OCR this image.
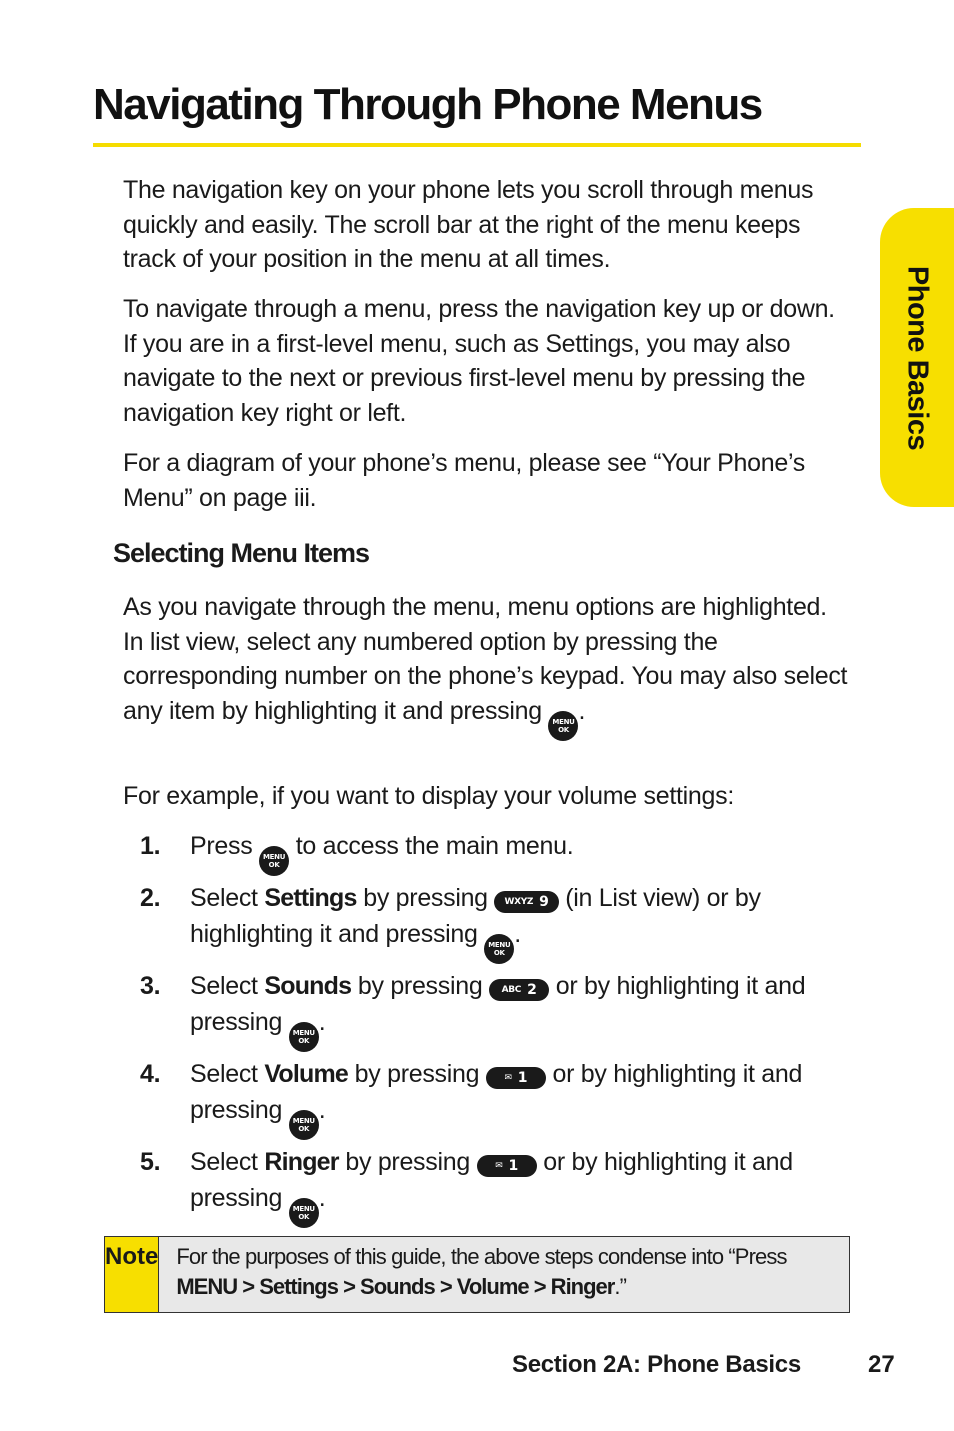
Navigating Through Phone Menus
Phone Basics

The navigation key on your phone lets you scroll through menus quickly and easily. The scroll bar at the right of the menu keeps track of your position in the menu at all times.

To navigate through a menu, press the navigation key up or down. If you are in a first-level menu, such as Settings, you may also navigate to the next or previous first-level menu by pressing the navigation key right or left.

For a diagram of your phone’s menu, please see “Your Phone’s Menu” on page iii.

Selecting Menu Items

As you navigate through the menu, menu options are highlighted. In list view, select any numbered option by pressing the corresponding number on the phone’s keypad. You may also select any item by highlighting it and pressing MENU
OK
.

For example, if you want to display your volume settings:

1. Press MENU
OK
to access the main menu.
2. Select Settings by pressing WXYZ 9 (in List view) or by highlighting it and pressing MENU
OK
.
3. Select Sounds by pressing ABC 2 or by highlighting it and pressing MENU
OK
.
4. Select Volume by pressing	✉ 1 or by highlighting it and pressing MENU
OK
.
5. Select Ringer by pressing	✉ 1 or by highlighting it and pressing MENU
OK
.
Note For the purposes of this guide, the above steps condense into “Press MENU > Settings > Sounds > Volume > Ringer.”
Section 2A: Phone Basics	27
